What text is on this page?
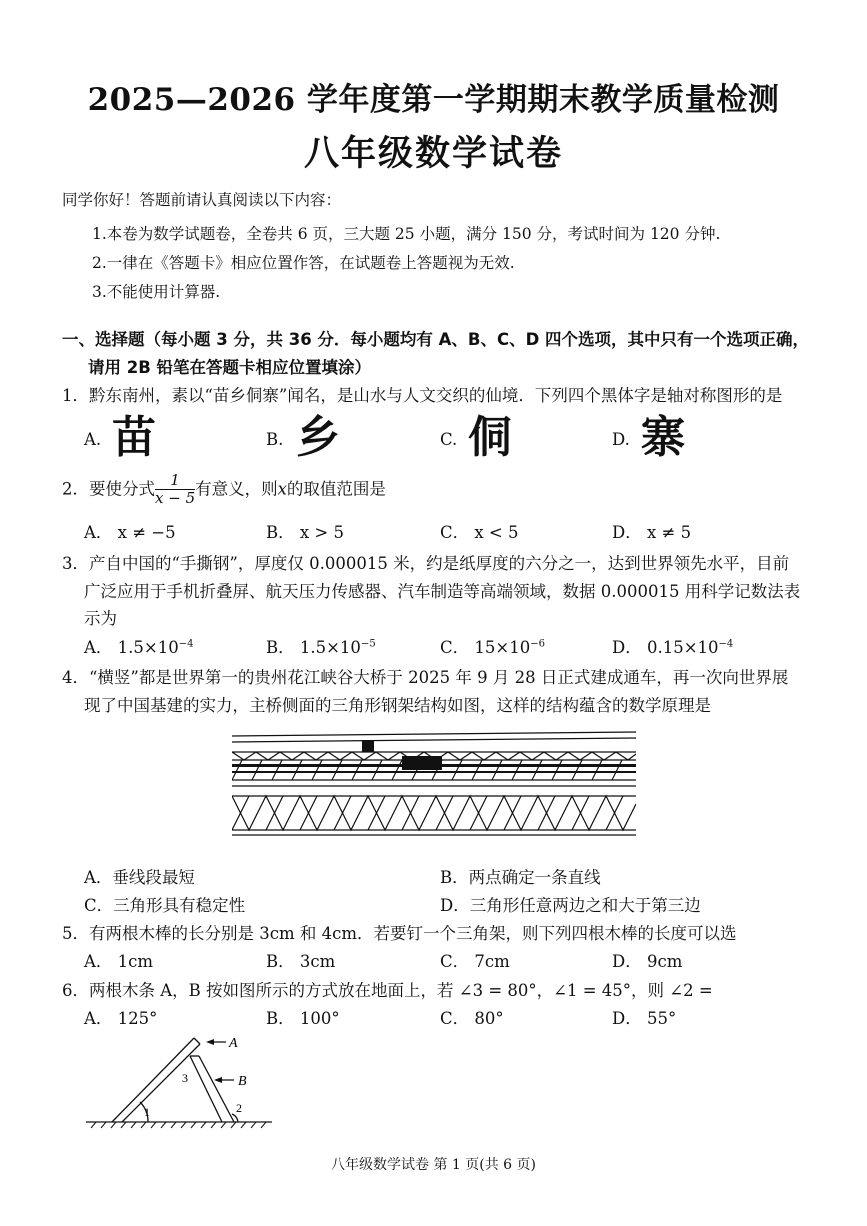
2025—2026 学年度第一学期期末教学质量检测
八年级数学试卷
同学你好！答题前请认真阅读以下内容：
1.本卷为数学试题卷，全卷共 6 页，三大题 25 小题，满分 150 分，考试时间为 120 分钟.
2.一律在《答题卡》相应位置作答，在试题卷上答题视为无效.
3.不能使用计算器.
一、选择题（每小题 3 分，共 36 分．每小题均有 A、B、C、D 四个选项，其中只有一个选项正确，
请用 2B 铅笔在答题卡相应位置填涂）
1．黔东南州，素以“苗乡侗寨”闻名，是山水与人文交织的仙境．下列四个黑体字是轴对称图形的是
A. 苗	B. 乡	C. 侗	D. 寨
2．要使分式 $\frac{1}{x - 5}$ 有意义，则x的取值范围是
A． x ≠ −5	B． x > 5	C． x < 5	D． x ≠ 5
3．产自中国的“手撕钢”，厚度仅 0.000015 米，约是纸厚度的六分之一，达到世界领先水平，目前
广泛应用于手机折叠屏、航天压力传感器、汽车制造等高端领域，数据 0.000015 用科学记数法表
示为
A． $1.5\times 10^{-4}$	B． $1.5\times 10^{-5}$	C． $15\times 10^{-6}$	D． $0.15\times 10^{-4}$
4．“横竖”都是世界第一的贵州花江峡谷大桥于 2025 年 9 月 28 日正式建成通车，再一次向世界展
现了中国基建的实力，主桥侧面的三角形钢架结构如图，这样的结构蕴含的数学原理是
A．垂线段最短	B．两点确定一条直线
C．三角形具有稳定性	D．三角形任意两边之和大于第三边
5．有两根木棒的长分别是 3cm 和 4cm．若要钉一个三角架，则下列四根木棒的长度可以选
A． 1cm	B． 3cm	C． 7cm	D． 9cm
6．两根木条 A，B 按如图所示的方式放在地面上，若 ∠3 = 80°，∠1 = 45°，则 ∠2 =
A． 125°	B． 100°	C． 80°	D． 55°
A
B
3
1	2
八年级数学试卷 第 1 页(共 6 页)
